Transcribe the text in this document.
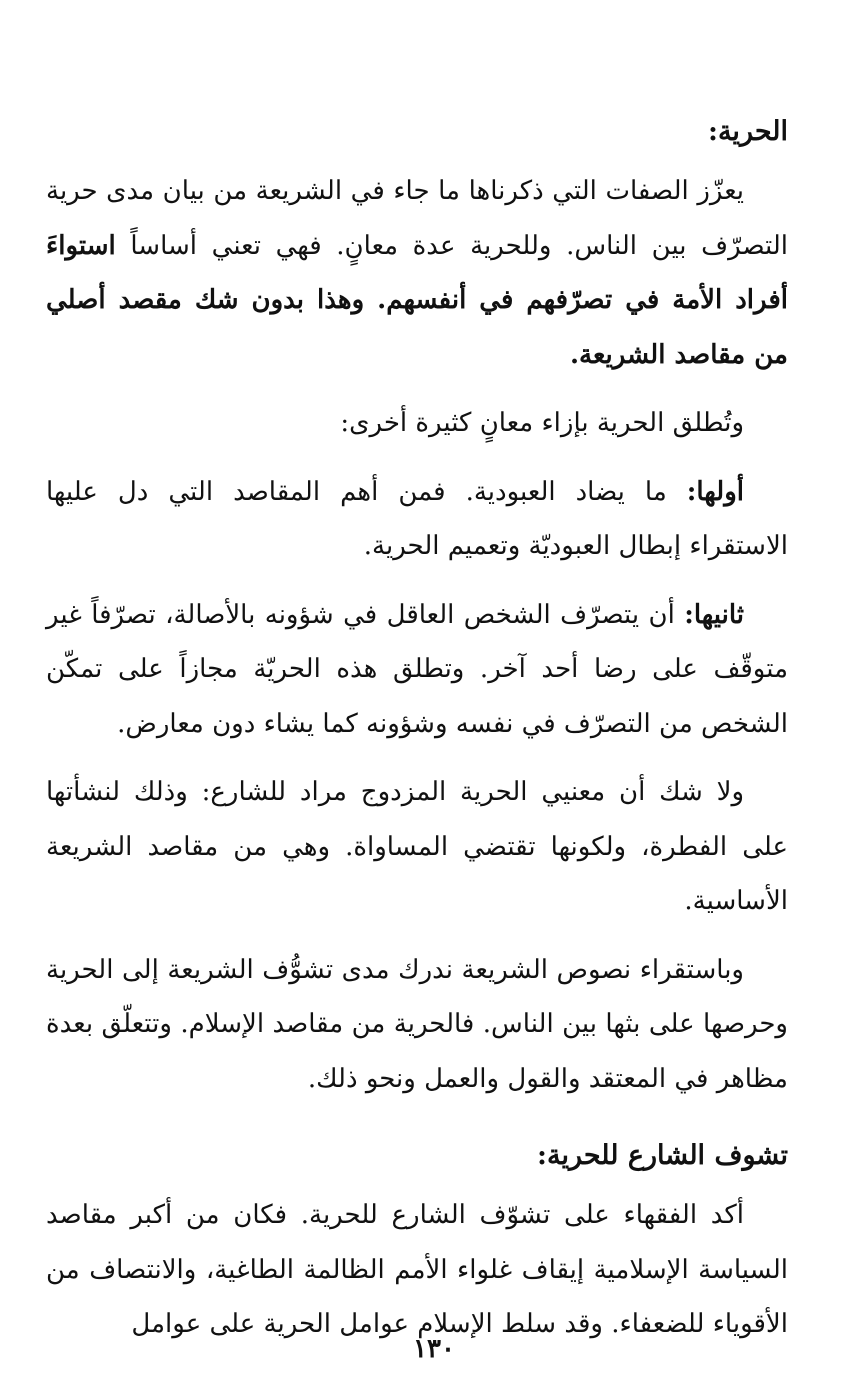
الحرية:

يعزّز الصفات التي ذكرناها ما جاء في الشريعة من بيان مدى حرية التصرّف بين الناس. وللحرية عدة معانٍ. فهي تعني أساساً استواءَ أفراد الأمة في تصرّفهم في أنفسهم. وهذا بدون شك مقصد أصلي من مقاصد الشريعة.

وتُطلق الحرية بإزاء معانٍ كثيرة أخرى:

أولها: ما يضاد العبودية. فمن أهم المقاصد التي دل عليها الاستقراء إبطال العبوديّة وتعميم الحرية.

ثانيها: أن يتصرّف الشخص العاقل في شؤونه بالأصالة، تصرّفاً غير متوقّف على رضا أحد آخر. وتطلق هذه الحريّة مجازاً على تمكّن الشخص من التصرّف في نفسه وشؤونه كما يشاء دون معارض.

ولا شك أن معنيي الحرية المزدوج مراد للشارع: وذلك لنشأتها على الفطرة، ولكونها تقتضي المساواة. وهي من مقاصد الشريعة الأساسية.

وباستقراء نصوص الشريعة ندرك مدى تشوُّف الشريعة إلى الحرية وحرصها على بثها بين الناس. فالحرية من مقاصد الإسلام. وتتعلّق بعدة مظاهر في المعتقد والقول والعمل ونحو ذلك.

تشوف الشارع للحرية:

أكد الفقهاء على تشوّف الشارع للحرية. فكان من أكبر مقاصد السياسة الإسلامية إيقاف غلواء الأمم الظالمة الطاغية، والانتصاف من الأقوياء للضعفاء. وقد سلط الإسلام عوامل الحرية على عوامل

١٣٠
